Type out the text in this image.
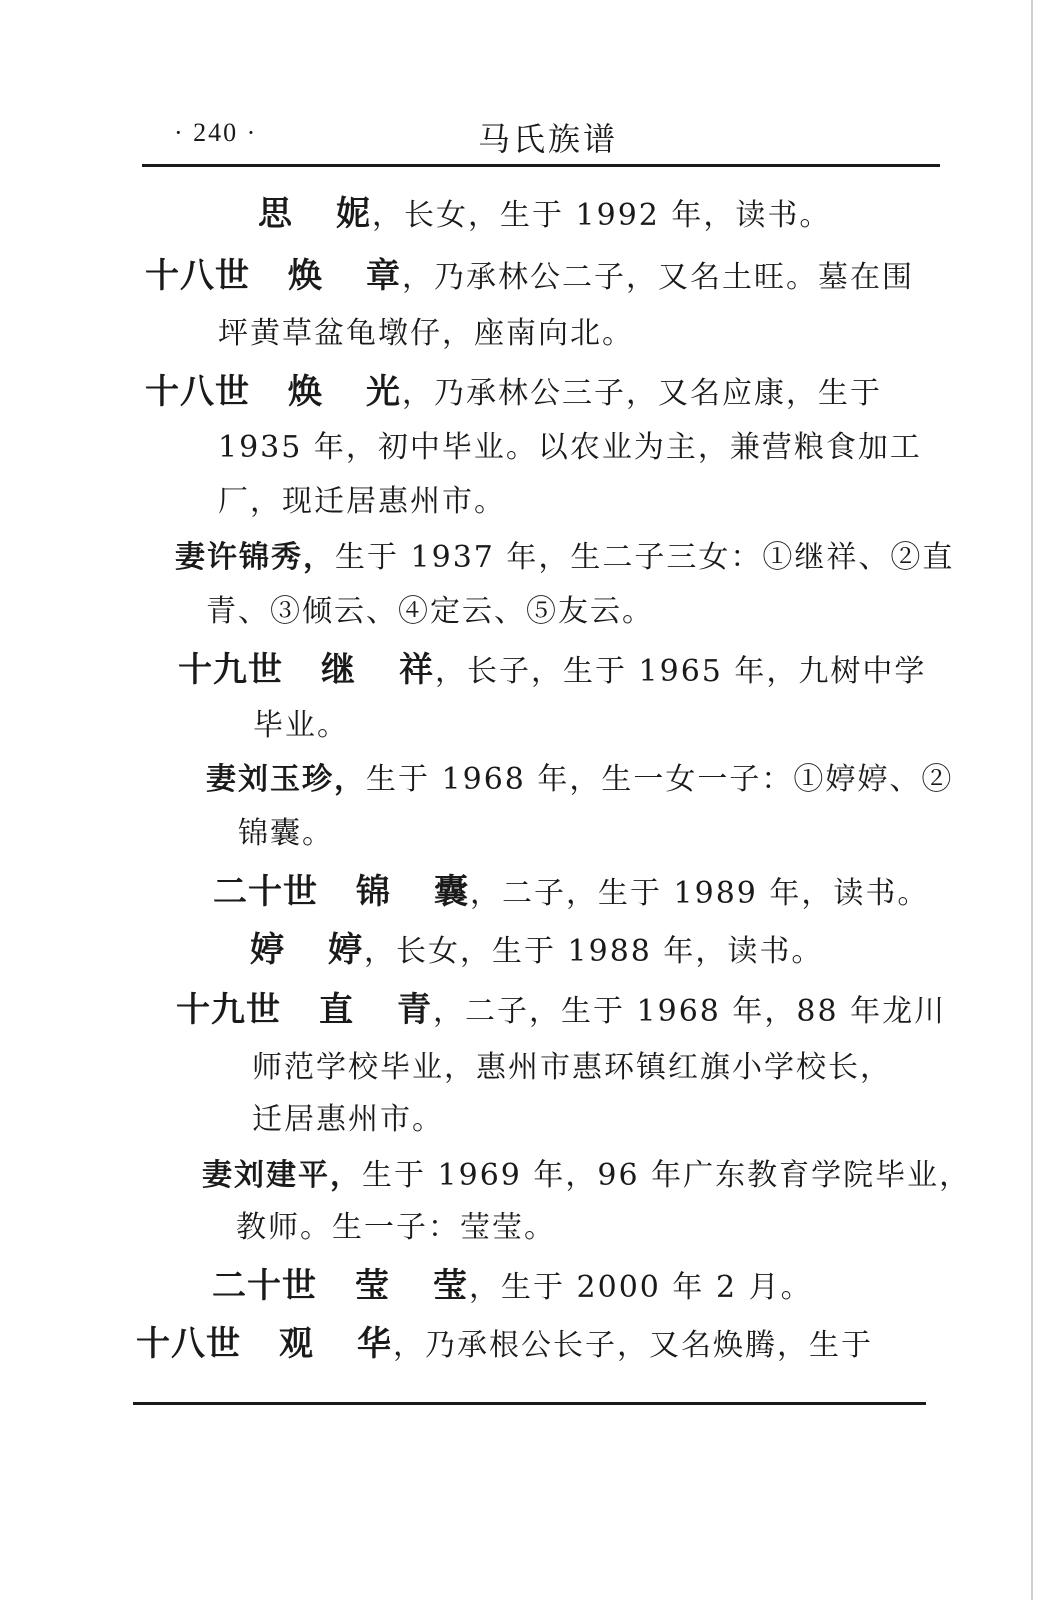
· 240 ·	马氏族谱
思 妮，长女，生于 1992 年，读书。
十八世 焕 章，乃承林公二子，又名土旺。墓在围
坪黄草盆龟墩仔，座南向北。
十八世 焕 光，乃承林公三子，又名应康，生于
1935 年，初中毕业。以农业为主，兼营粮食加工
厂，现迁居惠州市。
妻许锦秀，生于 1937 年，生二子三女：①继祥、②直
青、③倾云、④定云、⑤友云。
十九世 继 祥，长子，生于 1965 年，九树中学
毕业。
妻刘玉珍，生于 1968 年，生一女一子：①婷婷、②
锦囊。
二十世 锦 囊，二子，生于 1989 年，读书。
婷 婷，长女，生于 1988 年，读书。
十九世 直 青，二子，生于 1968 年，88 年龙川
师范学校毕业，惠州市惠环镇红旗小学校长，
迁居惠州市。
妻刘建平，生于 1969 年，96 年广东教育学院毕业，
教师。生一子：莹莹。
二十世 莹 莹，生于 2000 年 2 月。
十八世 观 华，乃承根公长子，又名焕腾，生于
